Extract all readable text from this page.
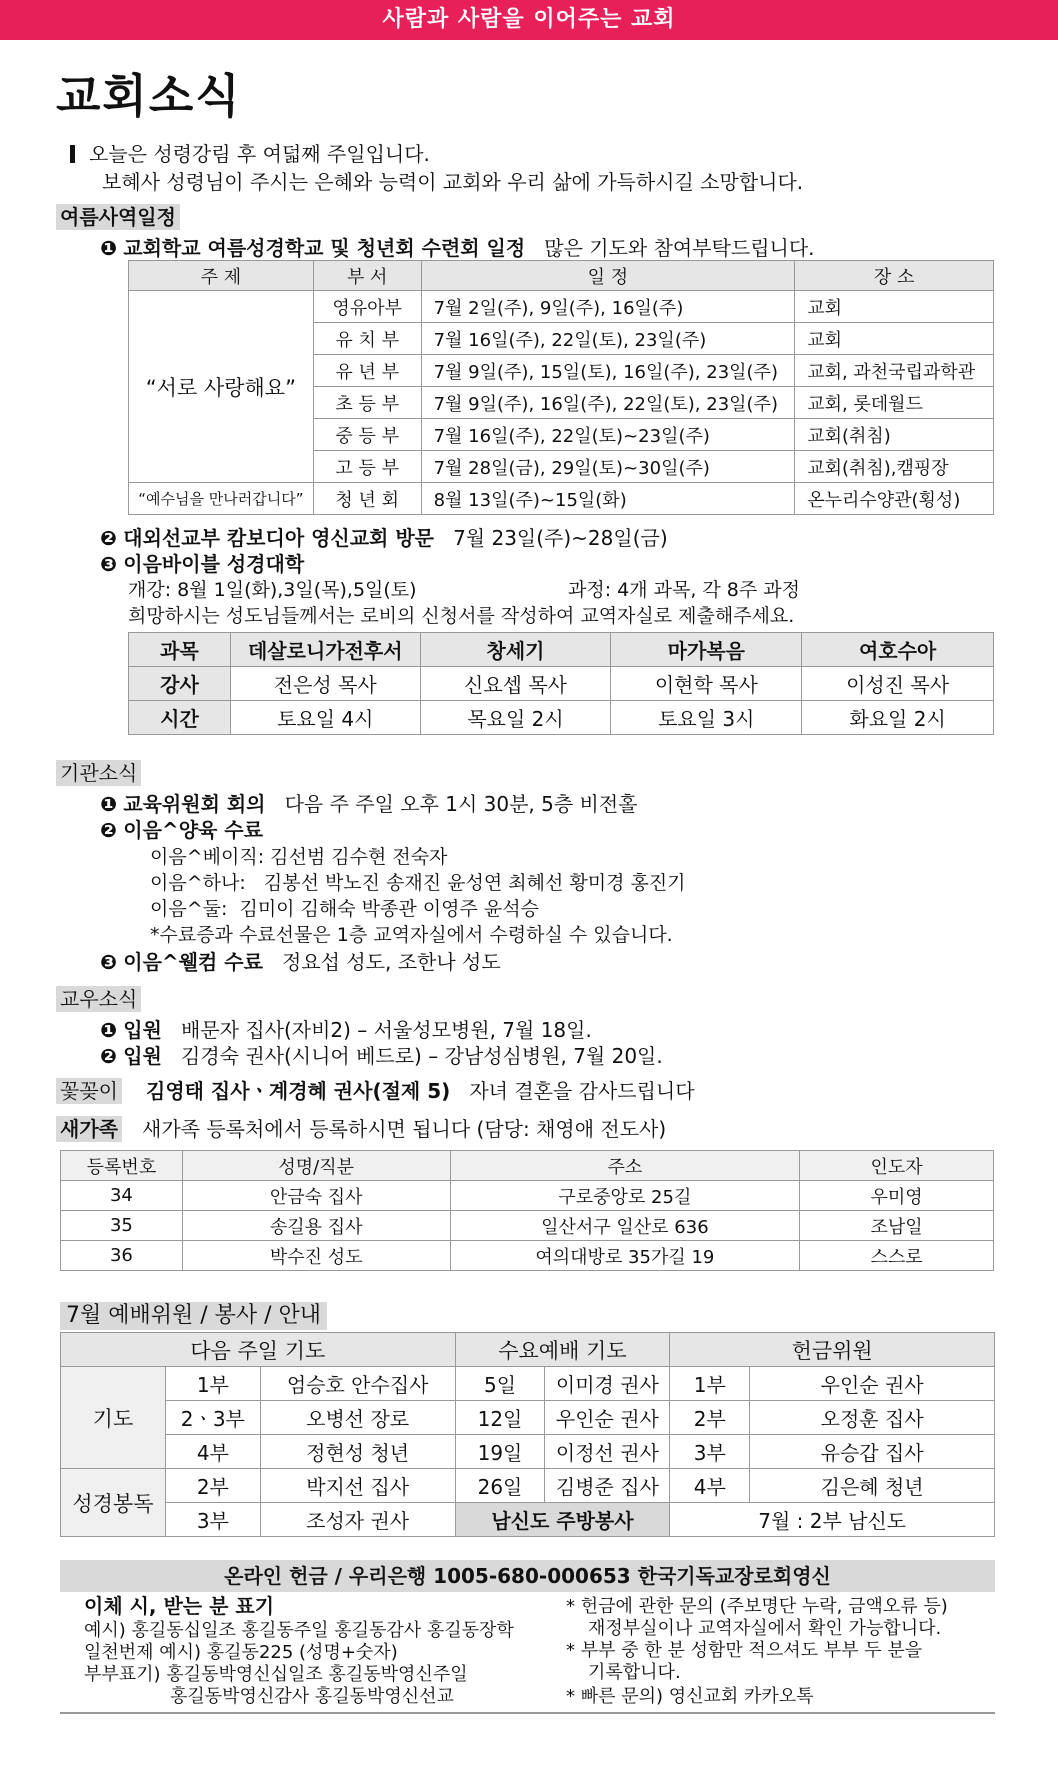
사람과 사람을 이어주는 교회
교회소식
오늘은 성령강림 후 여덟째 주일입니다.
보혜사 성령님이 주시는 은혜와 능력이 교회와 우리 삶에 가득하시길 소망합니다.
여름사역일정
❶ 교회학교 여름성경학교 및 청년회 수련회 일정 많은 기도와 참여부탁드립니다.
주 제	부 서	일 정	장 소
“서로 사랑해요”	영유아부	7월 2일(주), 9일(주), 16일(주)	교회
	유 치 부	7월 16일(주), 22일(토), 23일(주)	교회
	유 년 부	7월 9일(주), 15일(토), 16일(주), 23일(주)	교회, 과천국립과학관
	초 등 부	7월 9일(주), 16일(주), 22일(토), 23일(주)	교회, 롯데월드
	중 등 부	7월 16일(주), 22일(토)~23일(주)	교회(취침)
	고 등 부	7월 28일(금), 29일(토)~30일(주)	교회(취침),캠핑장
“예수님을 만나러갑니다”	청 년 회	8월 13일(주)~15일(화)	온누리수양관(횡성)
❷ 대외선교부 캄보디아 영신교회 방문 7월 23일(주)~28일(금)
❸ 이음바이블 성경대학
개강: 8월 1일(화),3일(목),5일(토)	과정: 4개 과목, 각 8주 과정
희망하시는 성도님들께서는 로비의 신청서를 작성하여 교역자실로 제출해주세요.
과목	데살로니가전후서	창세기	마가복음	여호수아
강사	전은성 목사	신요셉 목사	이현학 목사	이성진 목사
시간	토요일 4시	목요일 2시	토요일 3시	화요일 2시
기관소식
❶ 교육위원회 회의 다음 주 주일 오후 1시 30분, 5층 비전홀
❷ 이음^양육 수료
이음^베이직: 김선범 김수현 전숙자
이음^하나:   김봉선 박노진 송재진 윤성연 최혜선 황미경 홍진기
이음^둘:  김미이 김해숙 박종관 이영주 윤석승
*수료증과 수료선물은 1층 교역자실에서 수령하실 수 있습니다.
❸ 이음^웰컴 수료 정요섭 성도, 조한나 성도
교우소식
❶ 입원 배문자 집사(자비2) – 서울성모병원, 7월 18일.
❷ 입원 김경숙 권사(시니어 베드로) – 강남성심병원, 7월 20일.
꽃꽂이 김영태 집사ㆍ계경혜 권사(절제 5) 자녀 결혼을 감사드립니다
새가족 새가족 등록처에서 등록하시면 됩니다 (담당: 채영애 전도사)
등록번호	성명/직분	주소	인도자
34	안금숙 집사	구로중앙로 25길	우미영
35	송길용 집사	일산서구 일산로 636	조남일
36	박수진 성도	여의대방로 35가길 19	스스로
7월 예배위원 / 봉사 / 안내
다음 주일 기도			수요예배 기도		헌금위원	
기도	1부	엄승호 안수집사	5일	이미경 권사	1부	우인순 권사
	2ㆍ3부	오병선 장로	12일	우인순 권사	2부	오정훈 집사
	4부	정현성 청년	19일	이정선 권사	3부	유승갑 집사
성경봉독	2부	박지선 집사	26일	김병준 집사	4부	김은혜 청년
	3부	조성자 권사	남신도 주방봉사		7월 : 2부 남신도	
온라인 헌금 / 우리은행 1005-680-000653 한국기독교장로회영신
이체 시, 받는 분 표기
예시) 홍길동십일조 홍길동주일 홍길동감사 홍길동장학
일천번제 예시) 홍길동225 (성명+숫자)
부부표기) 홍길동박영신십일조 홍길동박영신주일
홍길동박영신감사 홍길동박영신선교
* 헌금에 관한 문의 (주보명단 누락, 금액오류 등)
재정부실이나 교역자실에서 확인 가능합니다.
* 부부 중 한 분 성함만 적으셔도 부부 두 분을
기록합니다.
* 빠른 문의) 영신교회 카카오톡
